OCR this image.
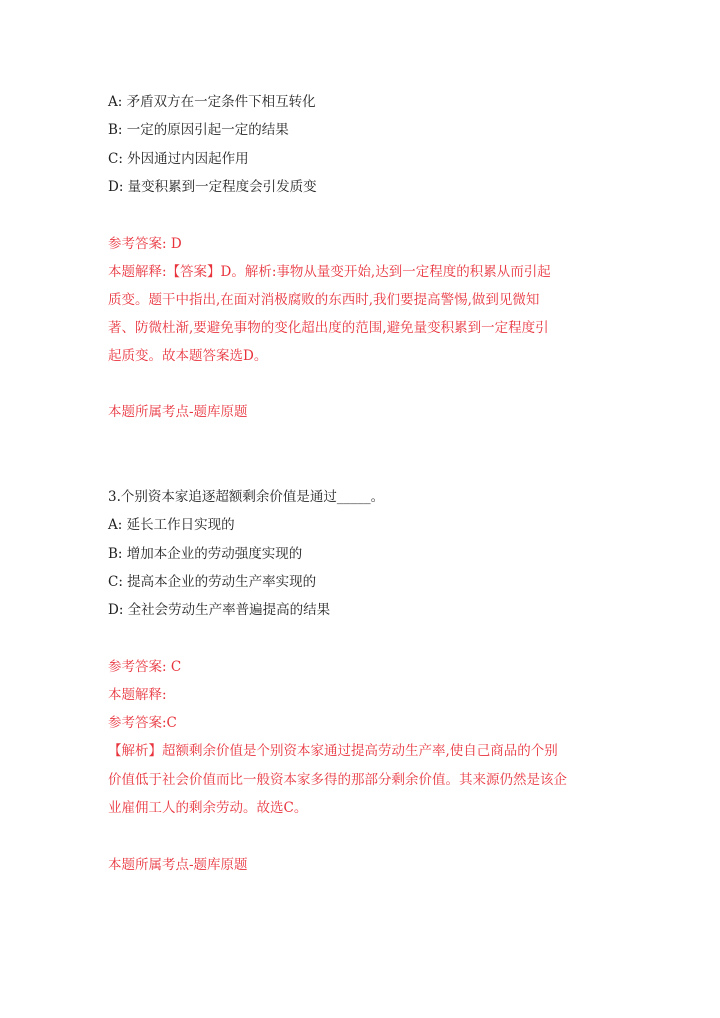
A: 矛盾双方在一定条件下相互转化
B: 一定的原因引起一定的结果
C: 外因通过内因起作用
D: 量变积累到一定程度会引发质变
参考答案: D
本题解释:【答案】D。解析:事物从量变开始,达到一定程度的积累从而引起
质变。题干中指出,在面对消极腐败的东西时,我们要提高警惕,做到见微知
著、防微杜渐,要避免事物的变化超出度的范围,避免量变积累到一定程度引
起质变。故本题答案选D。
本题所属考点-题库原题
3.个别资本家追逐超额剩余价值是通过_____。
A: 延长工作日实现的
B: 增加本企业的劳动强度实现的
C: 提高本企业的劳动生产率实现的
D: 全社会劳动生产率普遍提高的结果
参考答案: C
本题解释:
参考答案:C
【解析】超额剩余价值是个别资本家通过提高劳动生产率,使自己商品的个别
价值低于社会价值而比一般资本家多得的那部分剩余价值。其来源仍然是该企
业雇佣工人的剩余劳动。故选C。
本题所属考点-题库原题
